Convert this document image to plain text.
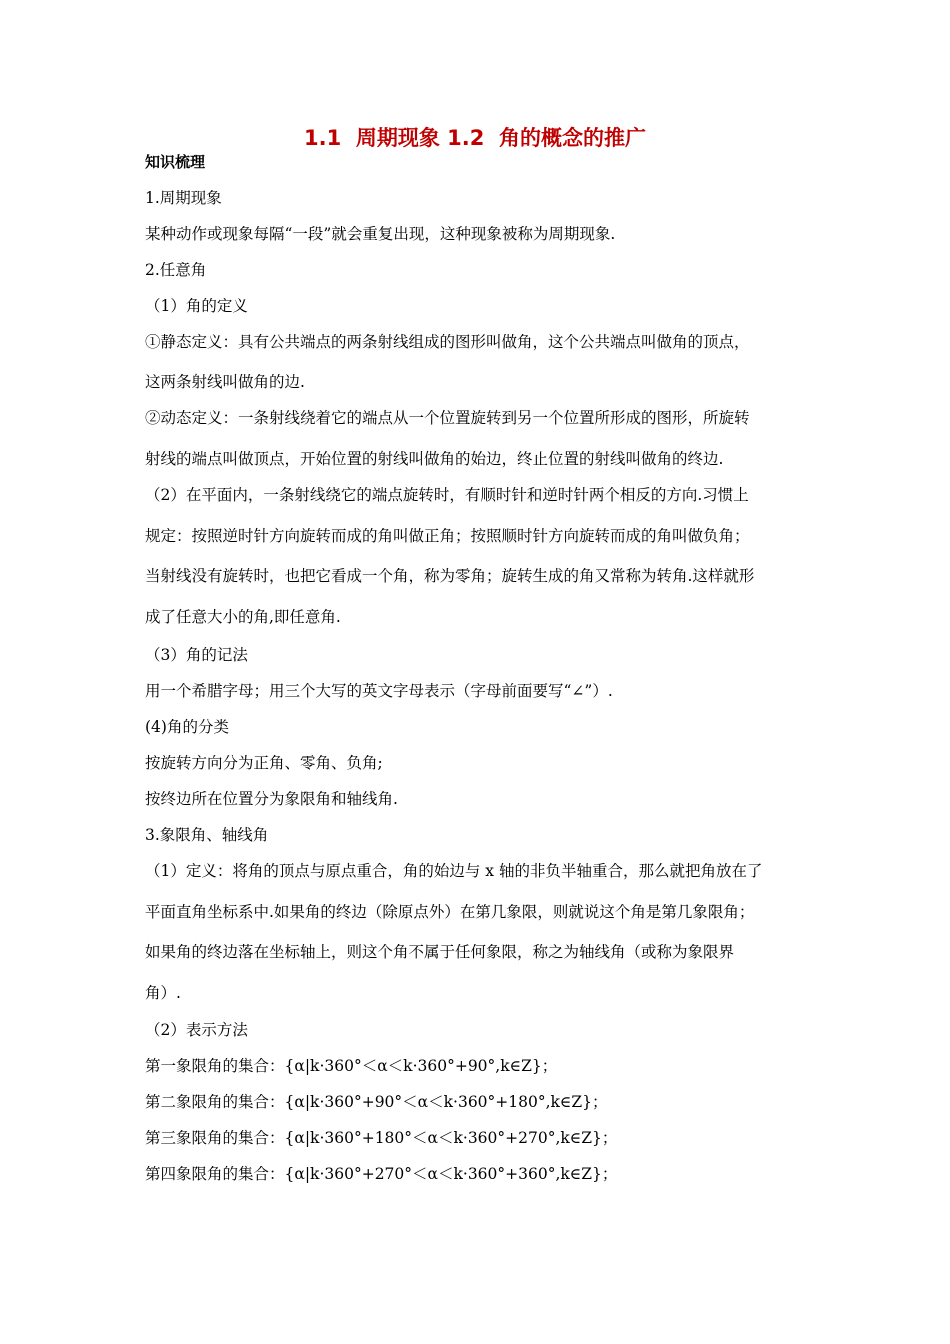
1.1  周期现象 1.2  角的概念的推广
知识梳理
1.周期现象
某种动作或现象每隔“一段”就会重复出现，这种现象被称为周期现象.
2.任意角
（1）角的定义
①静态定义：具有公共端点的两条射线组成的图形叫做角，这个公共端点叫做角的顶点，
这两条射线叫做角的边.
②动态定义：一条射线绕着它的端点从一个位置旋转到另一个位置所形成的图形，所旋转
射线的端点叫做顶点，开始位置的射线叫做角的始边，终止位置的射线叫做角的终边.
（2）在平面内，一条射线绕它的端点旋转时，有顺时针和逆时针两个相反的方向.习惯上
规定：按照逆时针方向旋转而成的角叫做正角；按照顺时针方向旋转而成的角叫做负角；
当射线没有旋转时，也把它看成一个角，称为零角；旋转生成的角又常称为转角.这样就形
成了任意大小的角,即任意角.
（3）角的记法
用一个希腊字母；用三个大写的英文字母表示（字母前面要写“∠”）.
(4)角的分类
按旋转方向分为正角、零角、负角;
按终边所在位置分为象限角和轴线角.
3.象限角、轴线角
（1）定义：将角的顶点与原点重合，角的始边与 x 轴的非负半轴重合，那么就把角放在了
平面直角坐标系中.如果角的终边（除原点外）在第几象限，则就说这个角是第几象限角；
如果角的终边落在坐标轴上，则这个角不属于任何象限，称之为轴线角（或称为象限界
角）.
（2）表示方法
第一象限角的集合：{α|k·360°＜α＜k·360°+90°,k∈Z}；
第二象限角的集合：{α|k·360°+90°＜α＜k·360°+180°,k∈Z}；
第三象限角的集合：{α|k·360°+180°＜α＜k·360°+270°,k∈Z}；
第四象限角的集合：{α|k·360°+270°＜α＜k·360°+360°,k∈Z}；
